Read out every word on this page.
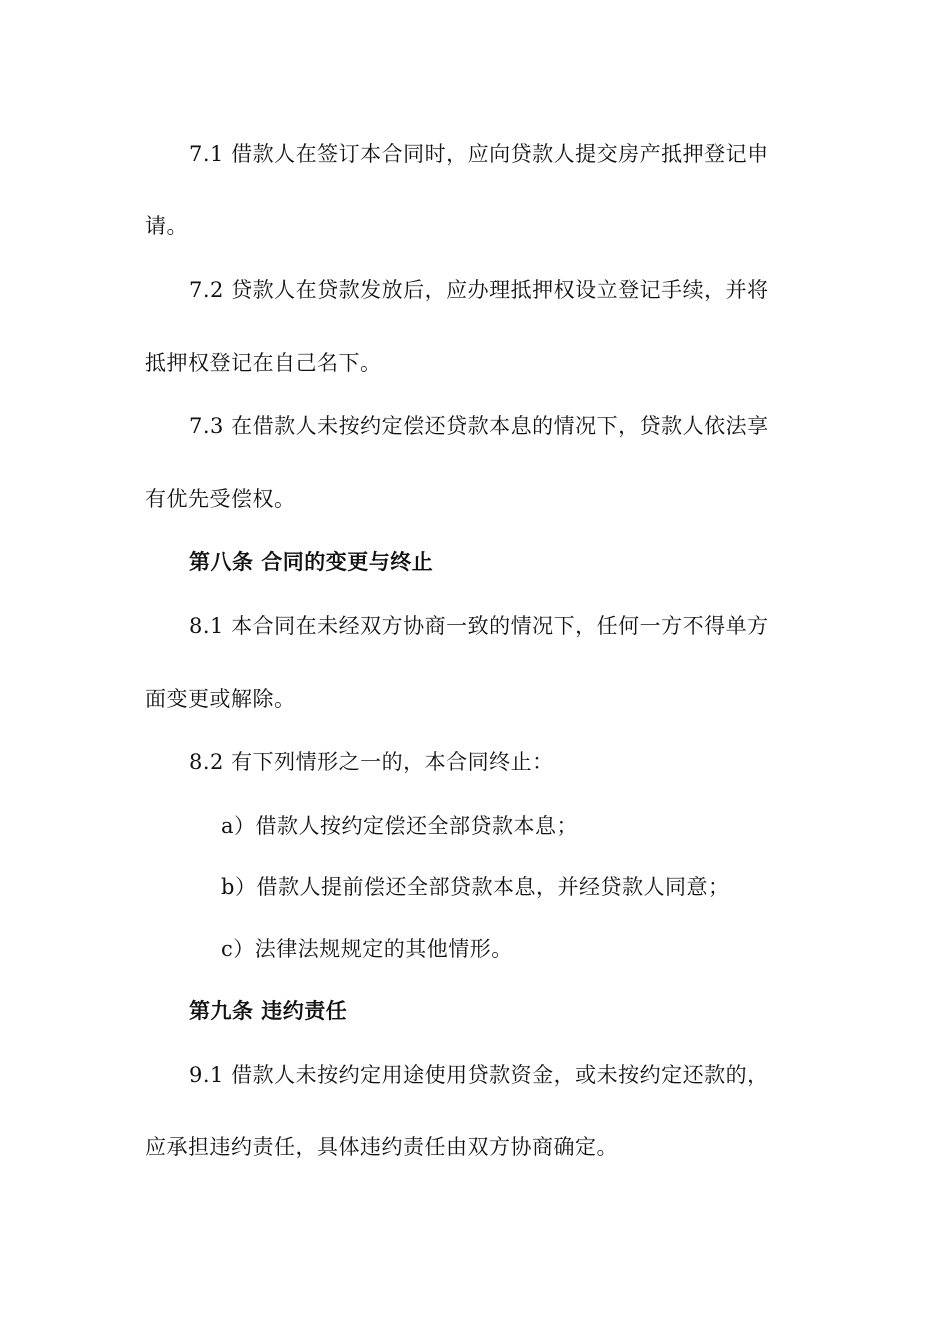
7.1 借款人在签订本合同时，应向贷款人提交房产抵押登记申
请。
7.2 贷款人在贷款发放后，应办理抵押权设立登记手续，并将
抵押权登记在自己名下。
7.3 在借款人未按约定偿还贷款本息的情况下，贷款人依法享
有优先受偿权。
第八条 合同的变更与终止
8.1 本合同在未经双方协商一致的情况下，任何一方不得单方
面变更或解除。
8.2 有下列情形之一的，本合同终止：
a）借款人按约定偿还全部贷款本息；
b）借款人提前偿还全部贷款本息，并经贷款人同意；
c）法律法规规定的其他情形。
第九条 违约责任
9.1 借款人未按约定用途使用贷款资金，或未按约定还款的，
应承担违约责任，具体违约责任由双方协商确定。
